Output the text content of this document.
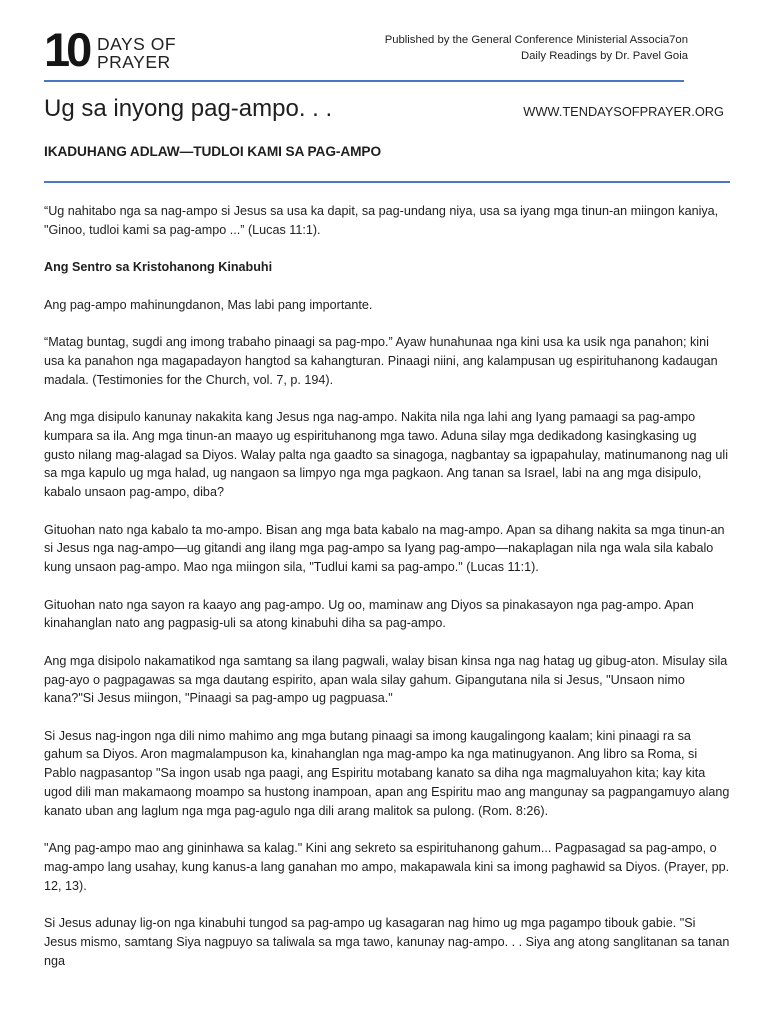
10 DAYS OF
PRAYER
Published by the General Conference Ministerial Associa7on
Daily Readings by Dr. Pavel Goia
Ug sa inyong pag-ampo. . .	WWW.TENDAYSOFPRAYER.ORG
IKADUHANG ADLAW—TUDLOI KAMI SA PAG-AMPO

“Ug nahitabo nga sa nag-ampo si Jesus sa usa ka dapit, sa pag-undang niya, usa sa iyang mga tinun-an miingon kaniya, "Ginoo, tudloi kami sa pag-ampo ...” (Lucas 11:1).

Ang Sentro sa Kristohanong Kinabuhi

Ang pag-ampo mahinungdanon, Mas labi pang importante.

“Matag buntag, sugdi ang imong trabaho pinaagi sa pag-mpo.” Ayaw hunahunaa nga kini usa ka usik nga panahon; kini usa ka panahon nga magapadayon hangtod sa kahangturan. Pinaagi niini, ang kalampusan ug espirituhanong kadaugan madala. (Testimonies for the Church, vol. 7, p. 194).

Ang mga disipulo kanunay nakakita kang Jesus nga nag-ampo. Nakita nila nga lahi ang Iyang pamaagi sa pag-ampo kumpara sa ila. Ang mga tinun-an maayo ug espirituhanong mga tawo. Aduna silay mga dedikadong kasingkasing ug gusto nilang mag-alagad sa Diyos. Walay palta nga gaadto sa sinagoga, nagbantay sa igpapahulay, matinumanong nag uli sa mga kapulo ug mga halad, ug nangaon sa limpyo nga mga pagkaon. Ang tanan sa Israel, labi na ang mga disipulo, kabalo unsaon pag-ampo, diba?

Gituohan nato nga kabalo ta mo-ampo. Bisan ang mga bata kabalo na mag-ampo. Apan sa dihang nakita sa mga tinun-an si Jesus nga nag-ampo—ug gitandi ang ilang mga pag-ampo sa Iyang pag-ampo—nakaplagan nila nga wala sila kabalo kung unsaon pag-ampo. Mao nga miingon sila, "Tudlui kami sa pag-ampo." (Lucas 11:1).

Gituohan nato nga sayon ra kaayo ang pag-ampo. Ug oo, maminaw ang Diyos sa pinakasayon nga pag-ampo. Apan kinahanglan nato ang pagpasig-uli sa atong kinabuhi diha sa pag-ampo.

Ang mga disipolo nakamatikod nga samtang sa ilang pagwali, walay bisan kinsa nga nag hatag ug gibug-aton. Misulay sila pag-ayo o pagpagawas sa mga dautang espirito, apan wala silay gahum. Gipangutana nila si Jesus, "Unsaon nimo kana?"Si Jesus miingon, "Pinaagi sa pag-ampo ug pagpuasa."

Si Jesus nag-ingon nga dili nimo mahimo ang mga butang pinaagi sa imong kaugalingong kaalam; kini pinaagi ra sa gahum sa Diyos. Aron magmalampuson ka, kinahanglan nga mag-ampo ka nga matinugyanon. Ang libro sa Roma, si Pablo nagpasantop "Sa ingon usab nga paagi, ang Espiritu motabang kanato sa diha nga magmaluyahon kita; kay kita ugod dili man makamaong moampo sa hustong inampoan, apan ang Espiritu mao ang mangunay sa pagpangamuyo alang kanato uban ang laglum nga mga pag-agulo nga dili arang malitok sa pulong. (Rom. 8:26).

"Ang pag-ampo mao ang gininhawa sa kalag." Kini ang sekreto sa espirituhanong gahum... Pagpasagad sa pag-ampo, o mag-ampo lang usahay, kung kanus-a lang ganahan mo ampo, makapawala kini sa imong paghawid sa Diyos. (Prayer, pp. 12, 13).

Si Jesus adunay lig-on nga kinabuhi tungod sa pag-ampo ug kasagaran nag himo ug mga pagampo tibouk gabie. "Si Jesus mismo, samtang Siya nagpuyo sa taliwala sa mga tawo, kanunay nag-ampo. . . Siya ang atong sanglitanan sa tanan nga
